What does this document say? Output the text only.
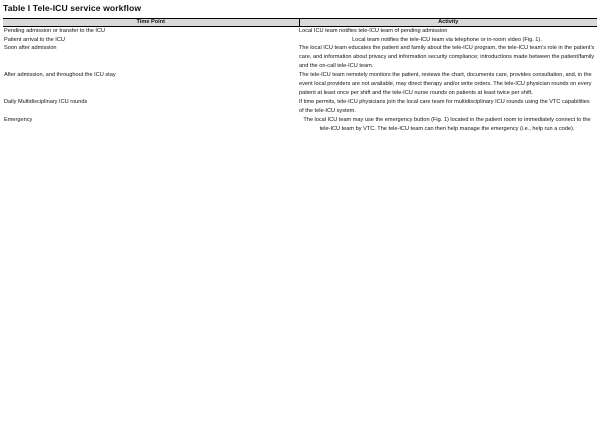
Table I Tele-ICU service workflow
Time Point	Activity
Pending admission or transfer to the ICU	Local ICU team notifies tele-ICU team of pending admission
Patient arrival to the ICU	Local team notifies the tele-ICU team via telephone or in-room video (Fig. 1).
Soon after admission	The local ICU team educates the patient and family about the tele-ICU program, the tele-ICU team's role in the patient's care, and information about privacy and information security compliance; introductions made between the patient/family and the on-call tele-ICU team.
After admission, and throughout the ICU stay	The tele-ICU team remotely monitors the patient, reviews the chart, documents care, provides consultation, and, in the event local providers are not available, may direct therapy and/or write orders. The tele-ICU physician rounds on every patient at least once per shift and the tele-ICU nurse rounds on patients at least twice per shift.
Daily Multidisciplinary ICU rounds	If time permits, tele-ICU physicians join the local care team for multidisciplinary ICU rounds using the VTC capabilities of the tele-ICU system.
Emergency	The local ICU team may use the emergency button (Fig. 1) located in the patient room to immediately connect to the tele-ICU team by VTC. The tele-ICU team can then help manage the emergency (i.e., help run a code).
